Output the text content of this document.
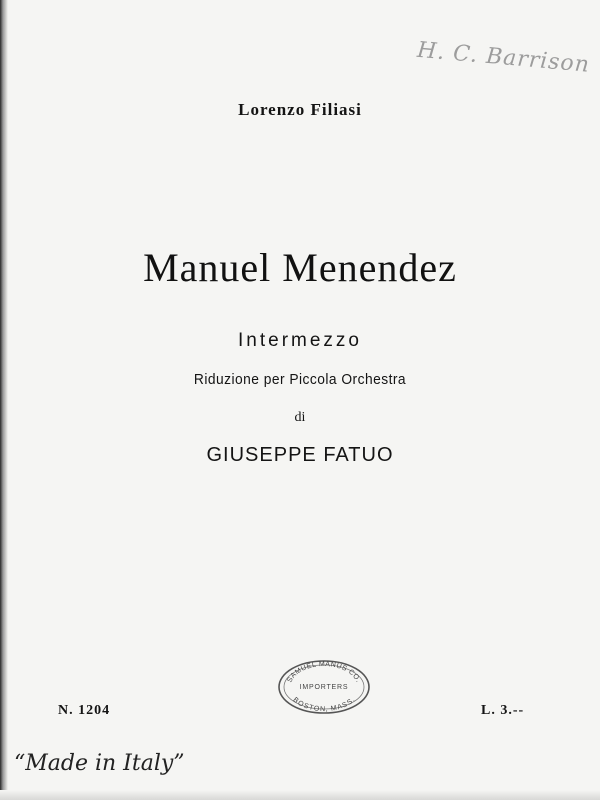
H. C. Barrison
Lorenzo Filiasi
Manuel Menendez
Intermezzo
Riduzione per Piccola Orchestra
di
GIUSEPPE FATUO
SAMUEL MANUS CO.
IMPORTERS
BOSTON, MASS.
N. 1204	L. 3.--
“Made in Italy”
